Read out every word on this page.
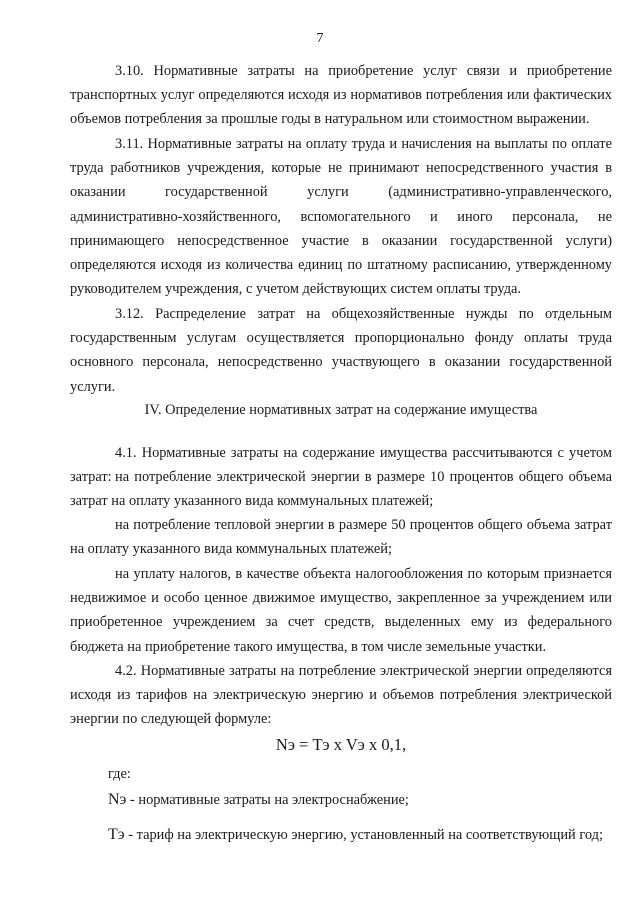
7
3.10. Нормативные затраты на приобретение услуг связи и приобретение транспортных услуг определяются исходя из нормативов потребления или фактических объемов потребления за прошлые годы в натуральном или стоимостном выражении.
3.11. Нормативные затраты на оплату труда и начисления на выплаты по оплате труда работников учреждения, которые не принимают непосредственного участия в оказании государственной услуги (административно-управленческого, административно-хозяйственного, вспомогательного и иного персонала, не принимающего непосредственное участие в оказании государственной услуги) определяются исходя из количества единиц по штатному расписанию, утвержденному руководителем учреждения, с учетом действующих систем оплаты труда.
3.12. Распределение затрат на общехозяйственные нужды по отдельным государственным услугам осуществляется пропорционально фонду оплаты труда основного персонала, непосредственно участвующего в оказании государственной услуги.
IV. Определение нормативных затрат на содержание имущества
4.1. Нормативные затраты на содержание имущества рассчитываются с учетом затрат: на потребление электрической энергии в размере 10 процентов общего объема затрат на оплату указанного вида коммунальных платежей;
на потребление тепловой энергии в размере 50 процентов общего объема затрат на оплату указанного вида коммунальных платежей;
на уплату налогов, в качестве объекта налогообложения по которым признается недвижимое и особо ценное движимое имущество, закрепленное за учреждением или приобретенное учреждением за счет средств, выделенных ему из федерального бюджета на приобретение такого имущества, в том числе земельные участки.
4.2. Нормативные затраты на потребление электрической энергии определяются исходя из тарифов на электрическую энергию и объемов потребления электрической энергии по следующей формуле:
Nэ = Tэ x Vэ x 0,1,
где:
Nэ - нормативные затраты на электроснабжение;
Tэ - тариф на электрическую энергию, установленный на соответствующий год;
